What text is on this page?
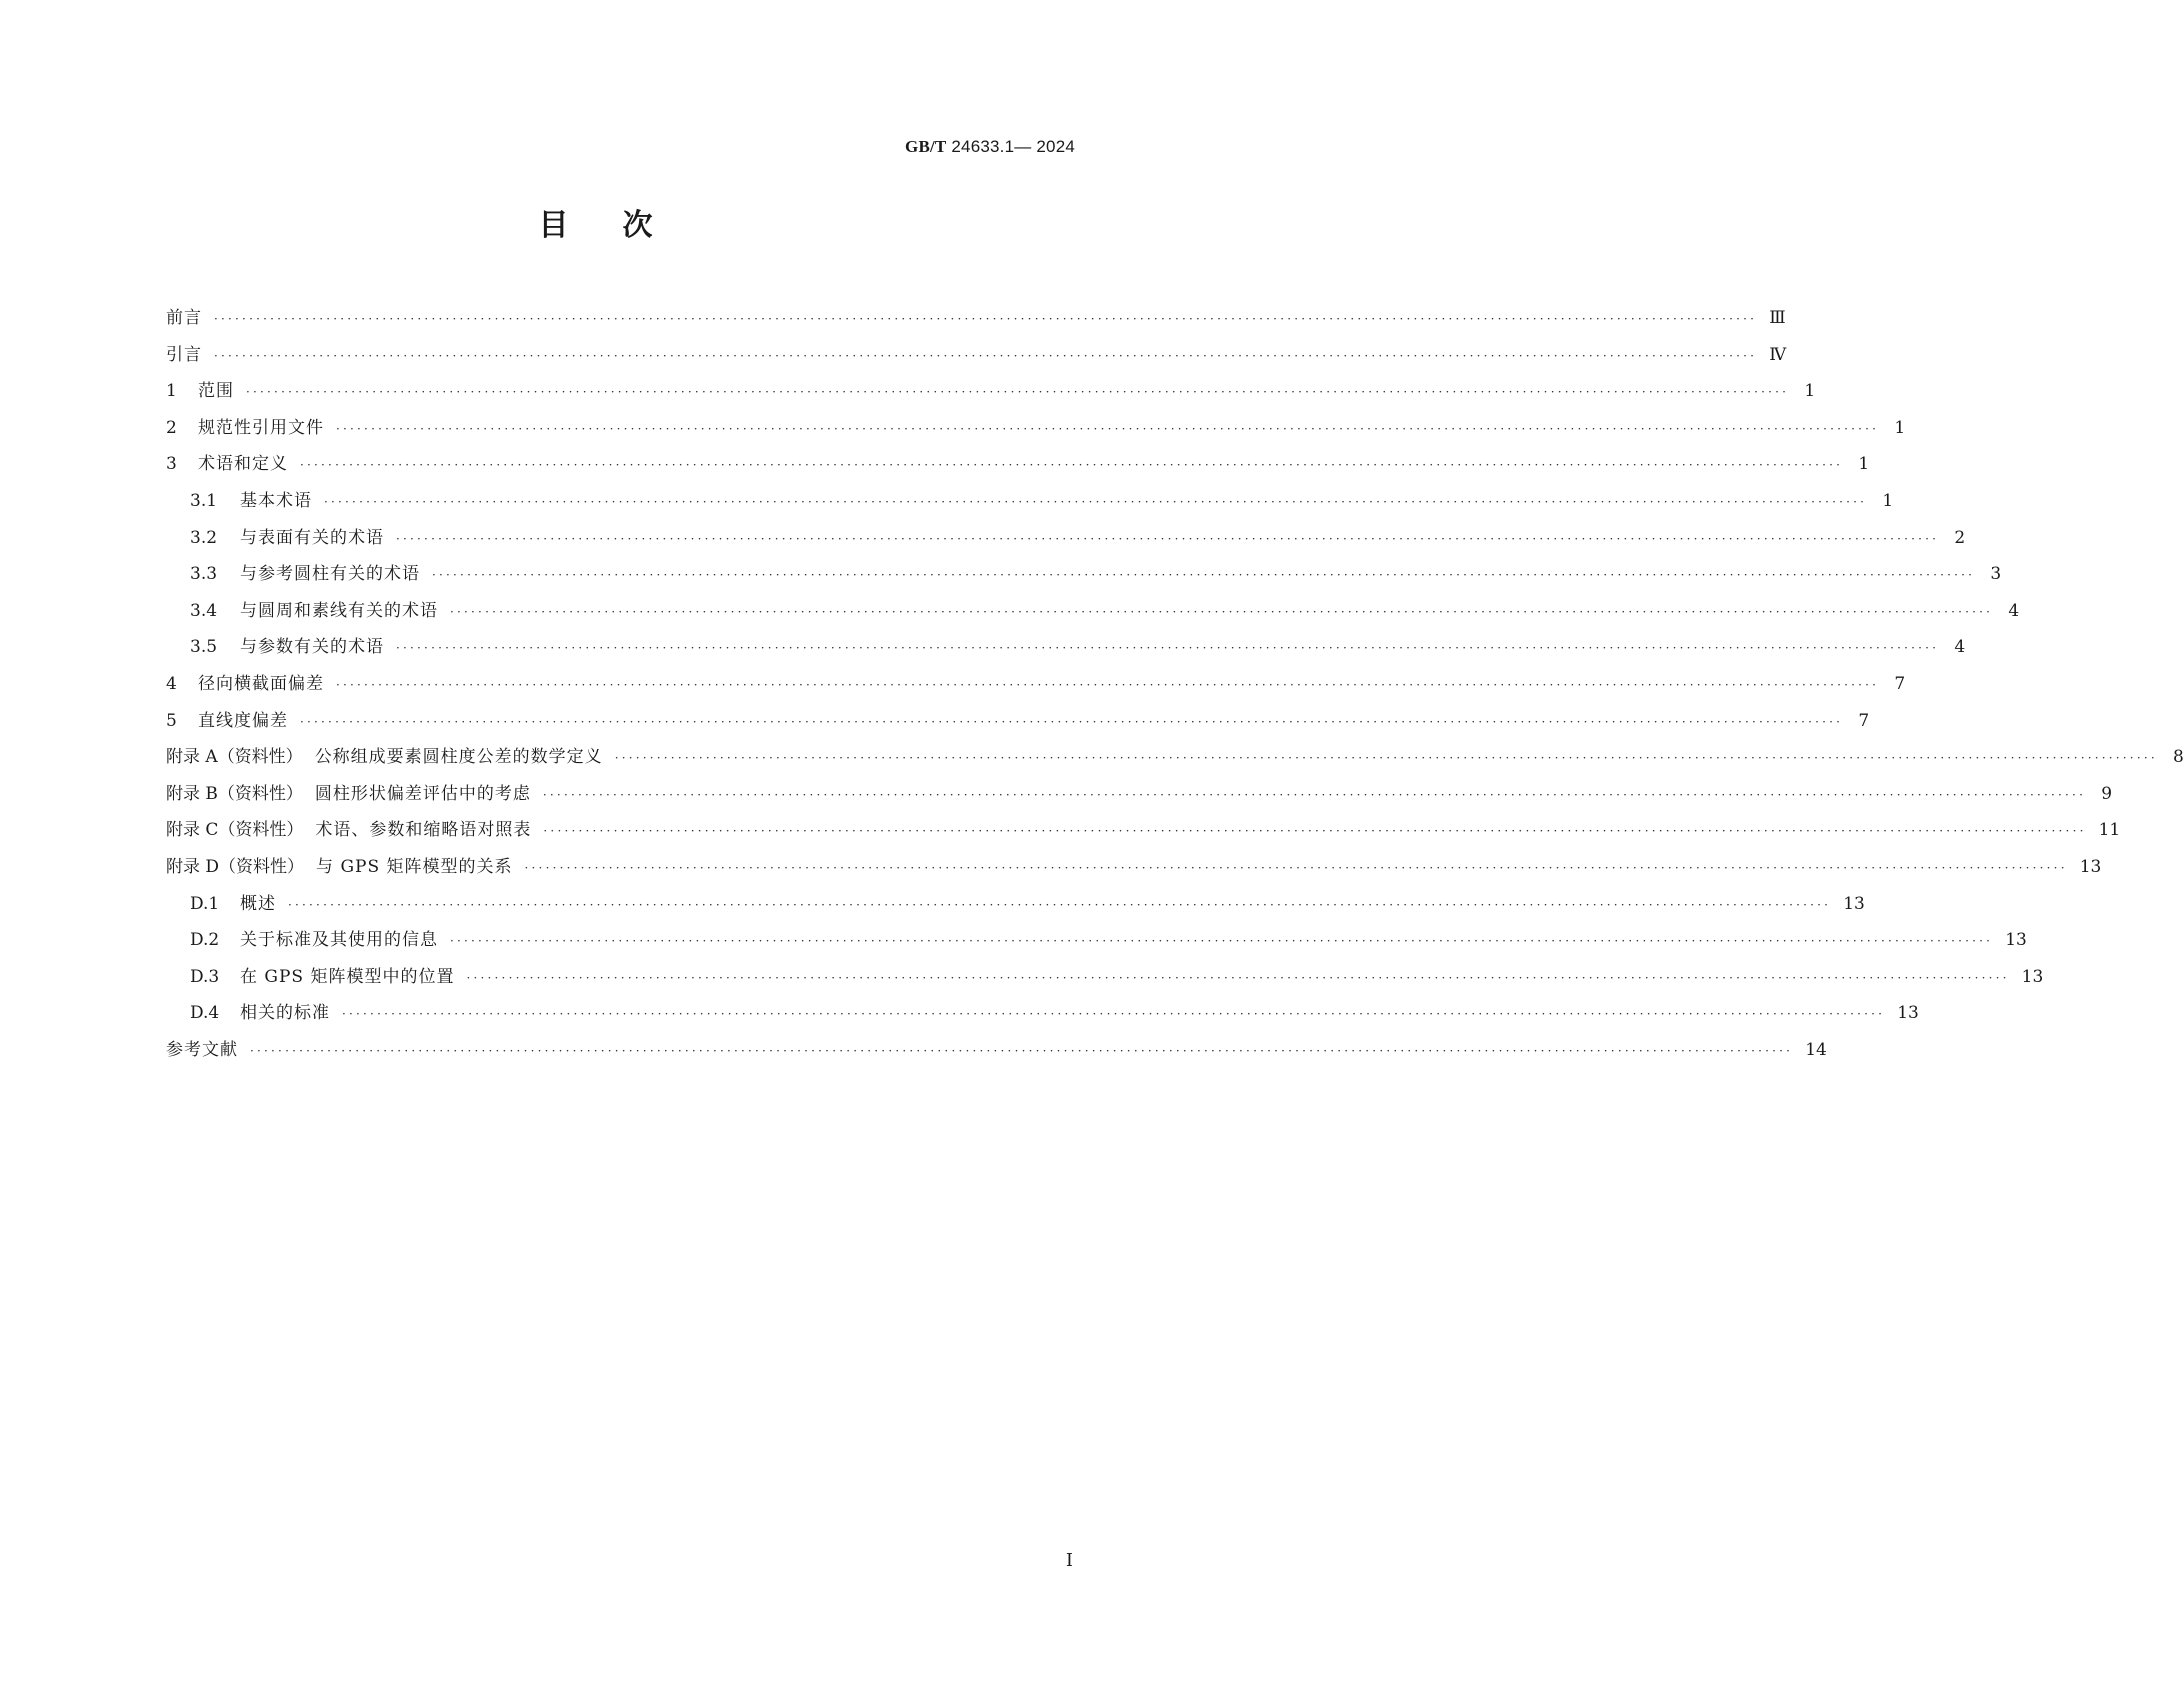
GB/T 24633.1— 2024
目 次
前言 ···························································································································································································································· Ⅲ
引言 ···························································································································································································································· Ⅳ
1	范围 ···························································································································································································································· 1
2	规范性引用文件 ···························································································································································································································· 1
3	术语和定义 ···························································································································································································································· 1
3.1	基本术语 ···························································································································································································································· 1
3.2	与表面有关的术语 ···························································································································································································································· 2
3.3	与参考圆柱有关的术语 ···························································································································································································································· 3
3.4	与圆周和素线有关的术语 ···························································································································································································································· 4
3.5	与参数有关的术语 ···························································································································································································································· 4
4	径向横截面偏差 ···························································································································································································································· 7
5	直线度偏差 ···························································································································································································································· 7
附录 A （资料性） 公称组成要素圆柱度公差的数学定义 ···························································································································································································································· 8
附录 B （资料性） 圆柱形状偏差评估中的考虑 ···························································································································································································································· 9
附录 C （资料性） 术语、参数和缩略语对照表 ···························································································································································································································· 11
附录 D （资料性） 与 GPS 矩阵模型的关系 ···························································································································································································································· 13
D.1	概述 ···························································································································································································································· 13
D.2	关于标准及其使用的信息 ···························································································································································································································· 13
D.3	在 GPS 矩阵模型中的位置 ···························································································································································································································· 13
D.4	相关的标准 ···························································································································································································································· 13
参考文献 ···························································································································································································································· 14
I
